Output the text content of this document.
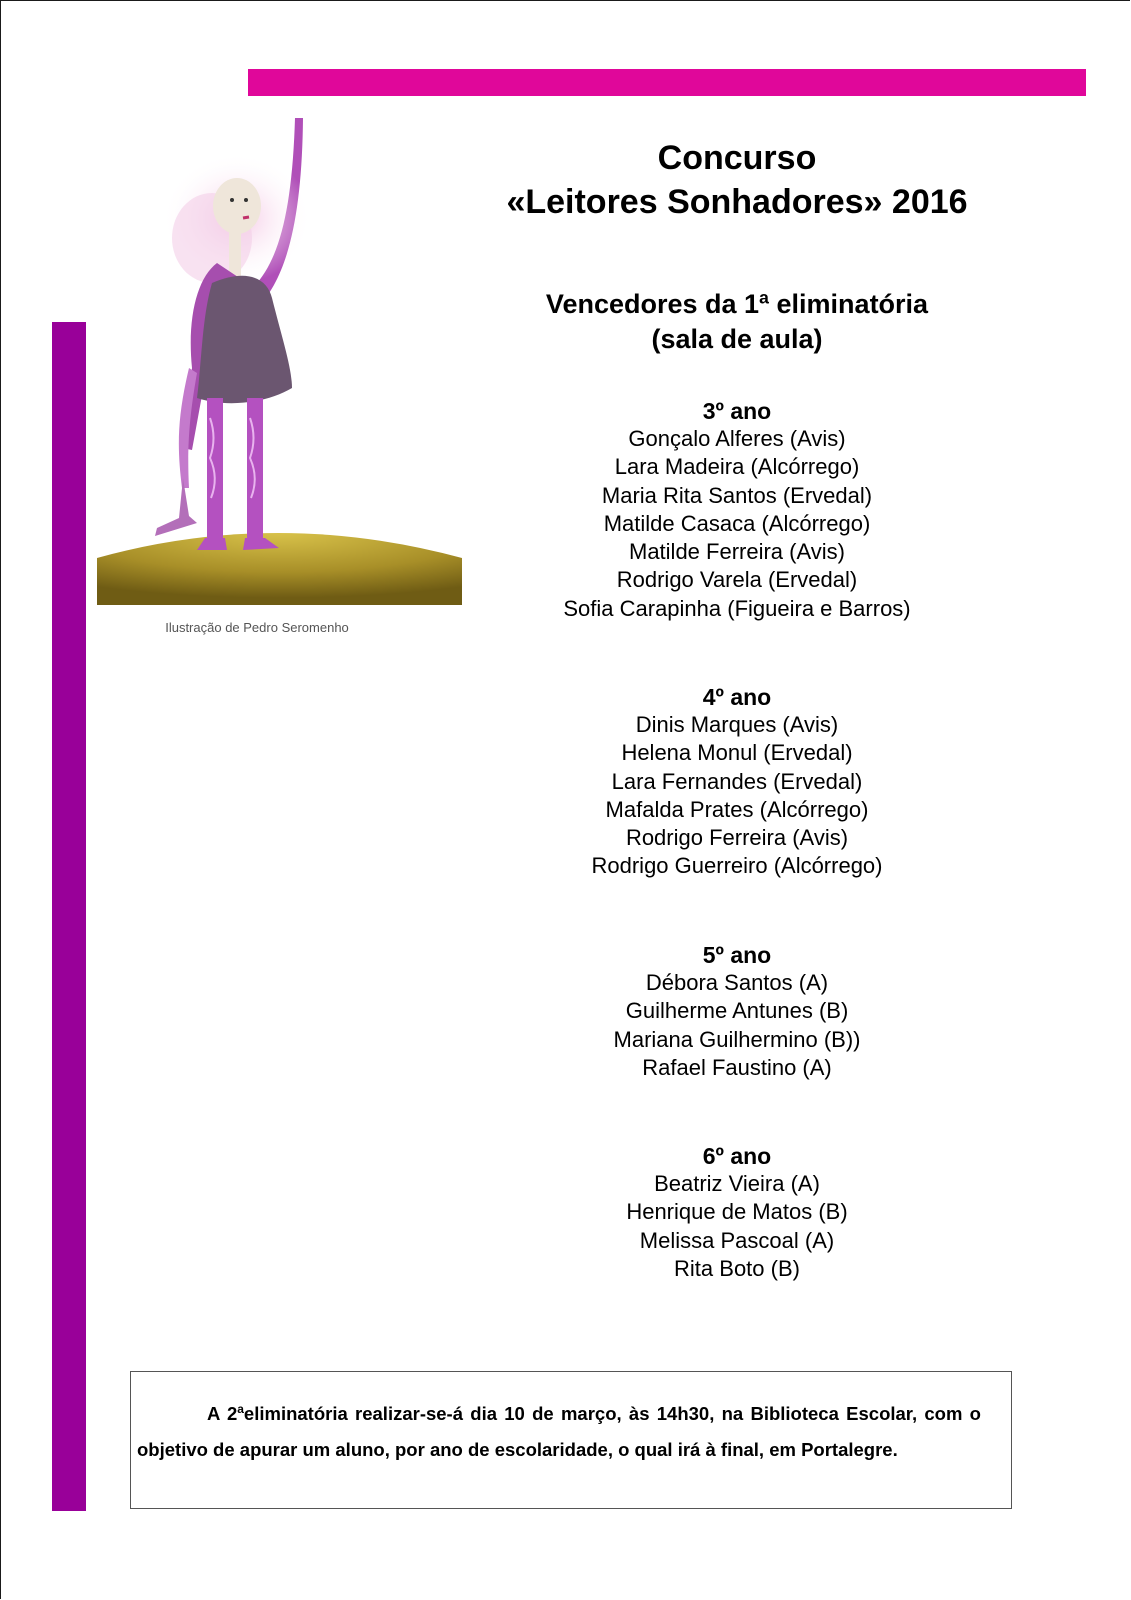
Ilustração de Pedro Seromenho
Concurso
«Leitores Sonhadores» 2016
Vencedores da 1ª eliminatória
(sala de aula)
3º ano
Gonçalo Alferes (Avis)
Lara Madeira (Alcórrego)
Maria Rita Santos (Ervedal)
Matilde Casaca (Alcórrego)
Matilde Ferreira (Avis)
Rodrigo Varela (Ervedal)
Sofia Carapinha (Figueira e Barros)
4º ano
Dinis Marques (Avis)
Helena Monul (Ervedal)
Lara Fernandes (Ervedal)
Mafalda Prates (Alcórrego)
Rodrigo Ferreira (Avis)
Rodrigo Guerreiro (Alcórrego)
5º ano
Débora Santos (A)
Guilherme Antunes (B)
Mariana Guilhermino (B))
Rafael Faustino (A)
6º ano
Beatriz Vieira (A)
Henrique de Matos (B)
Melissa Pascoal (A)
Rita Boto (B)
A 2$^a$eliminatória realizar-se-á dia 10 de março, às 14h30, na Biblioteca Escolar, com o objetivo de apurar um aluno, por ano de escolaridade, o qual irá à final, em Portalegre.
